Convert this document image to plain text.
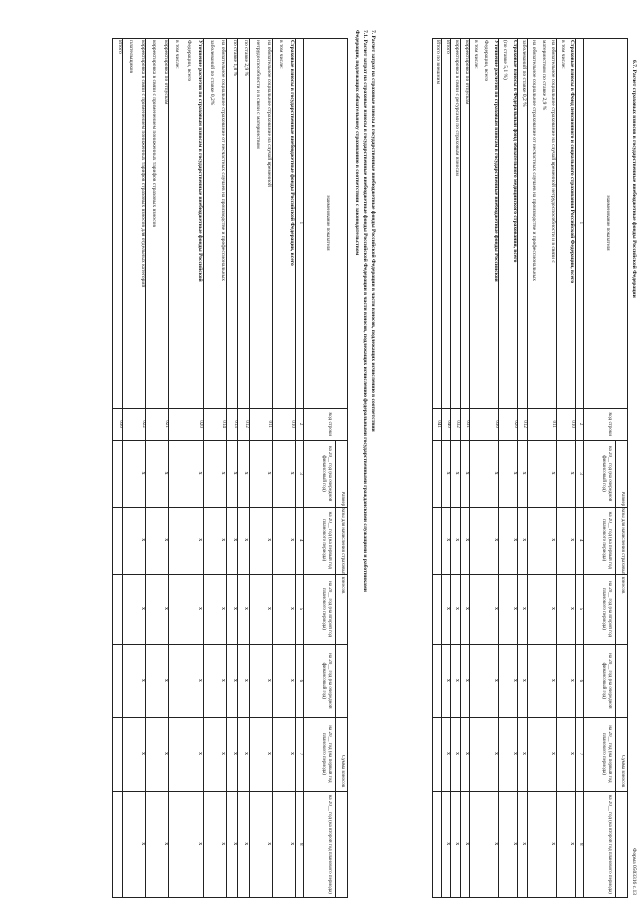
Форма 0503316 с.13
6.7. Расчет страховых взносов в государственные внебюджетные фонды Российской Федерации
Наименование показателя
Код строки
Размер базы для начисления страховых взносов
Сумма взносов
на 20__ год (на очередной финансовый год)
на 20__ год (на первый год планового периода)
на 20__ год (на второй год планового периода)
на 20__ год (на очередной финансовый год)
на 20__ год (на первый год планового периода)
на 20__ год (на второй год планового периода)
1
2
3
4
5
6
7
8
Страховые взносы в Фонд пенсионного и социального страхования Российской Федерации, всего
010
x
x
x
x
x
x
в том числе:
на обязательное социальное страхование на случай временной нетрудоспособности и в связи с
011
x
x
x
x
x
x
материнством по ставке 2,9 %
на обязательное социальное страхование от несчастных случаев на производстве и профессиональных
заболеваний по ставке 0,2 %
012
x
x
x
x
x
x
Страховые взносы в Федеральный фонд обязательного медицинского страхования, всего
020
x
x
x
x
x
x
(по ставке 5,1 %)
Уточнение расчетов по страховым взносам в государственные внебюджетные фонды Российской
030
x
x
x
x
x
x
Федерации, всего
в том числе:
корректировка по отпускам
031
x
x
x
x
x
x
корректировка в связи с ресурсами по страховым взносам
032
x
x
x
x
x
x
Итого
040
x
x
x
x
x
x
Итого по внешним
041
7. Расчет затрат на страховые взносы в государственные внебюджетные фонды Российской Федерации в части взносов, подлежащих исчислению в соответствии
7.1. Расчет затрат на страховые взносы в государственные внебюджетные фонды Российской Федерации в части взносов, подлежащих исчислению федеральными государственными гражданскими служащими и работниками
Федерации, подлежащих обязательному страхованию в соответствии с законодательством
Наименование показателя
Код строки
Размер базы для начисления страховых взносов
Сумма взносов
на 20__ год (на очередной финансовый год)
на 20__ год (на первый год планового периода)
на 20__ год (на второй год планового периода)
на 20__ год (на очередной финансовый год)
на 20__ год (на первый год планового периода)
на 20__ год (на второй год планового периода)
1
2
3
4
5
6
7
8
Страховые взносы в государственные внебюджетные фонды Российской Федерации, всего
010
x
x
x
x
x
x
в том числе:
на обязательное социальное страхование на случай временной
011
x
x
x
x
x
x
нетрудоспособности и в связи с материнством
по ставке 2,9 %
012
x
x
x
x
x
x
по ставке 1,8 %
013
x
x
x
x
x
x
на обязательное социальное страхование от несчастных случаев на производстве и профессиональных
014
x
x
x
x
x
x
заболеваний по ставке 0,2%
Уточнение расчетов по страховым взносам в государственные внебюджетные фонды Российской
020
x
x
x
x
x
x
Федерации, всего
в том числе:
корректировка по отпускам
021
x
x
x
x
x
x
корректировка в связи с применением пониженных тарифов страховых взносов
корректировка в связи с применением пониженных тарифов страховых взносов для отдельных категорий
022
x
x
x
x
x
x
плательщиков
Итого
030
